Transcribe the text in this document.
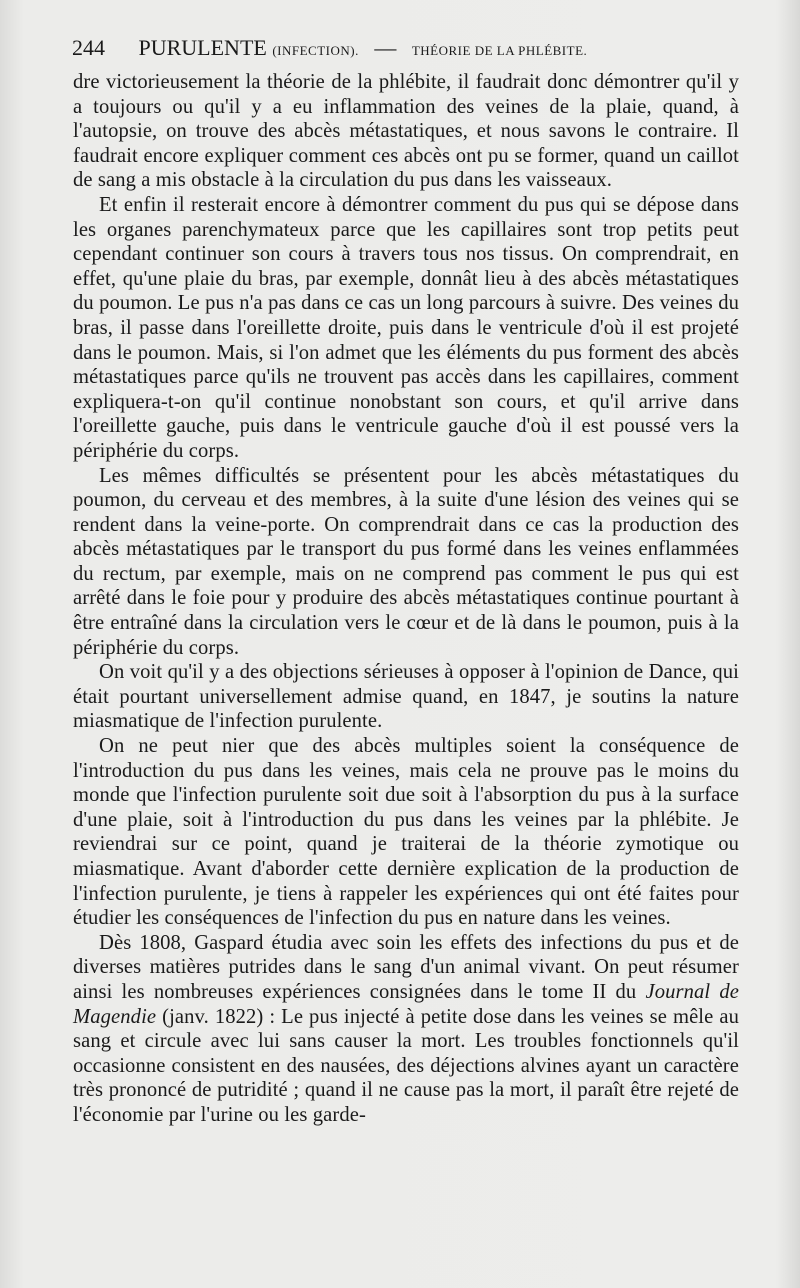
244 PURULENTE (INFECTION). — THÉORIE DE LA PHLÉBITE.

dre victorieusement la théorie de la phlébite, il faudrait donc démontrer qu'il y a toujours ou qu'il y a eu inflammation des veines de la plaie, quand, à l'autopsie, on trouve des abcès métastatiques, et nous savons le contraire. Il faudrait encore expliquer comment ces abcès ont pu se former, quand un caillot de sang a mis obstacle à la circulation du pus dans les vaisseaux.

Et enfin il resterait encore à démontrer comment du pus qui se dépose dans les organes parenchymateux parce que les capillaires sont trop petits peut cependant continuer son cours à travers tous nos tissus. On comprendrait, en effet, qu'une plaie du bras, par exemple, donnât lieu à des abcès métastatiques du poumon. Le pus n'a pas dans ce cas un long parcours à suivre. Des veines du bras, il passe dans l'oreillette droite, puis dans le ventricule d'où il est projeté dans le poumon. Mais, si l'on admet que les éléments du pus forment des abcès métastatiques parce qu'ils ne trouvent pas accès dans les capillaires, comment expliquera-t-on qu'il continue nonobstant son cours, et qu'il arrive dans l'oreillette gauche, puis dans le ventricule gauche d'où il est poussé vers la périphérie du corps.

Les mêmes difficultés se présentent pour les abcès métastatiques du poumon, du cerveau et des membres, à la suite d'une lésion des veines qui se rendent dans la veine-porte. On comprendrait dans ce cas la production des abcès métastatiques par le transport du pus formé dans les veines enflammées du rectum, par exemple, mais on ne comprend pas comment le pus qui est arrêté dans le foie pour y produire des abcès métastatiques continue pourtant à être entraîné dans la circulation vers le cœur et de là dans le poumon, puis à la périphérie du corps.

On voit qu'il y a des objections sérieuses à opposer à l'opinion de Dance, qui était pourtant universellement admise quand, en 1847, je soutins la nature miasmatique de l'infection purulente.

On ne peut nier que des abcès multiples soient la conséquence de l'introduction du pus dans les veines, mais cela ne prouve pas le moins du monde que l'infection purulente soit due soit à l'absorption du pus à la surface d'une plaie, soit à l'introduction du pus dans les veines par la phlébite. Je reviendrai sur ce point, quand je traiterai de la théorie zymotique ou miasmatique. Avant d'aborder cette dernière explication de la production de l'infection purulente, je tiens à rappeler les expériences qui ont été faites pour étudier les conséquences de l'infection du pus en nature dans les veines.

Dès 1808, Gaspard étudia avec soin les effets des infections du pus et de diverses matières putrides dans le sang d'un animal vivant. On peut résumer ainsi les nombreuses expériences consignées dans le tome II du Journal de Magendie (janv. 1822) : Le pus injecté à petite dose dans les veines se mêle au sang et circule avec lui sans causer la mort. Les troubles fonctionnels qu'il occasionne consistent en des nausées, des déjections alvines ayant un caractère très prononcé de putridité ; quand il ne cause pas la mort, il paraît être rejeté de l'économie par l'urine ou les garde-
